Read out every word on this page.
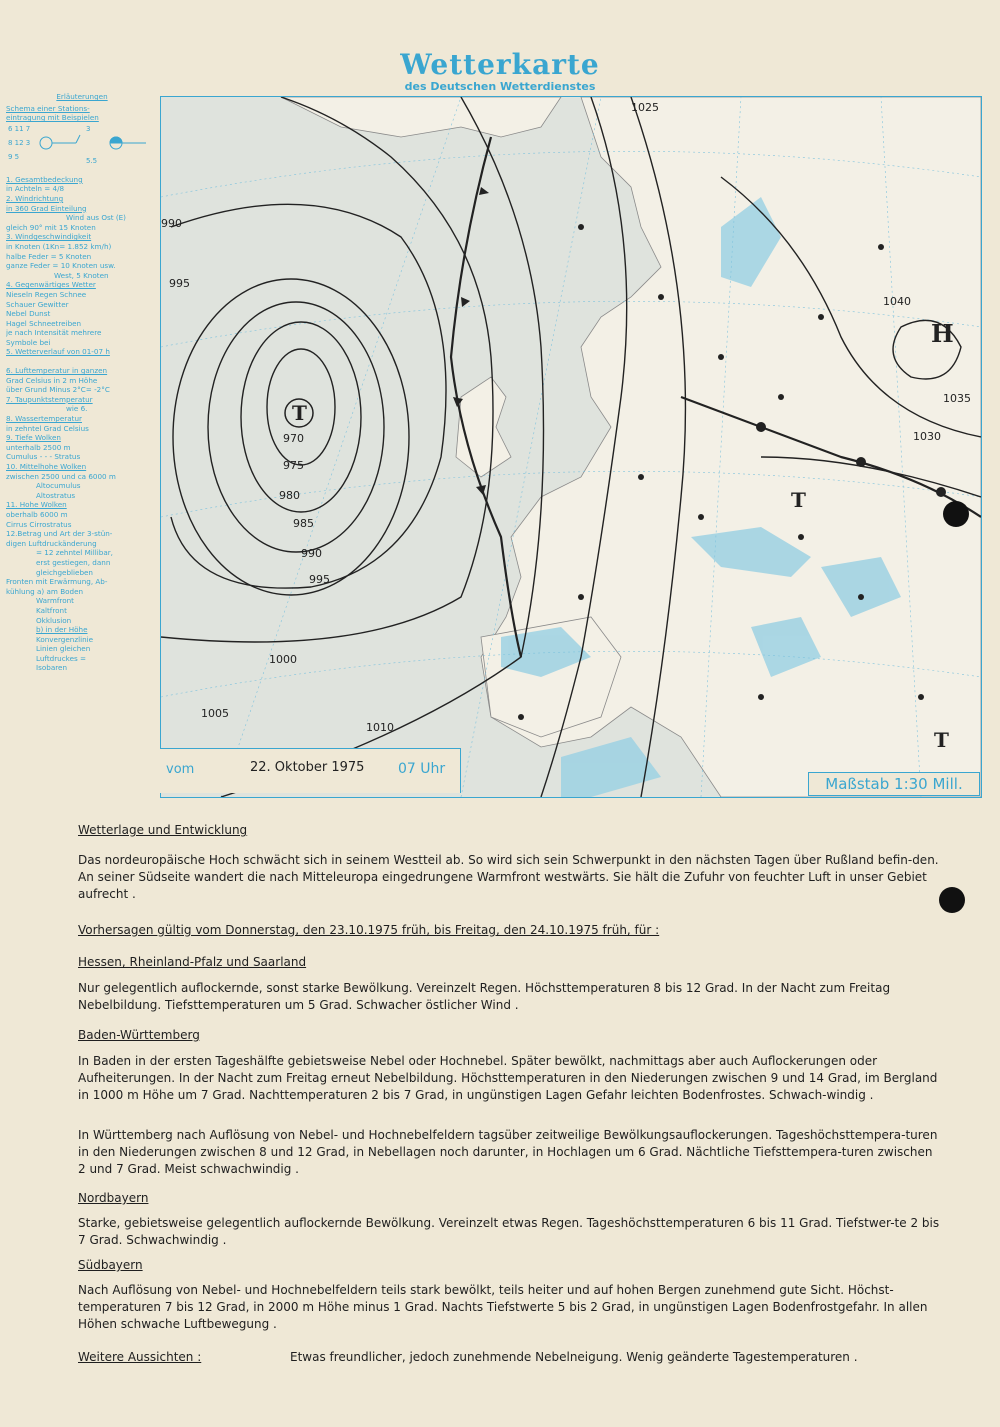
Wetterkarte
des Deutschen Wetterdienstes
Erläuterungen
Schema einer Stations-
eintragung mit Beispielen
6 11 7
8 12 3
9 5
3
5.5
1. Gesamtbedeckung
in Achteln = 4/8
2. Windrichtung
in 360 Grad Einteilung
Wind aus Ost (E)
gleich 90° mit 15 Knoten
3. Windgeschwindigkeit
in Knoten (1Kn= 1.852 km/h)
halbe Feder = 5 Knoten
ganze Feder = 10 Knoten usw.
West, 5 Knoten
4. Gegenwärtiges Wetter
Nieseln Regen Schnee
Schauer Gewitter
Nebel Dunst
Hagel Schneetreiben
je nach Intensität mehrere
Symbole bei
5. Wetterverlauf von 01-07 h
6. Lufttemperatur in ganzen
Grad Celsius in 2 m Höhe
über Grund Minus 2°C= -2°C
7. Taupunktstemperatur
wie 6.
8. Wassertemperatur
in zehntel Grad Celsius
9. Tiefe Wolken
unterhalb 2500 m
Cumulus - - - Stratus
10. Mittelhohe Wolken
zwischen 2500 und ca 6000 m
Altocumulus
Altostratus
11. Hohe Wolken
oberhalb 6000 m
Cirrus Cirrostratus
12.Betrag und Art der 3-stün-
digen Luftdruckänderung
= 12 zehntel Millibar,
erst gestiegen, dann
gleichgeblieben
Fronten mit Erwärmung, Ab-
kühlung a) am Boden
Warmfront
Kaltfront
Okklusion
b) in der Höhe
Konvergenzlinie
Linien gleichen
Luftdruckes =
Isobaren
T
T
T
H
970
975
980
985
990
995
1000
1005
1010
1025
1030
1035
1040
990
995
vom	22. Oktober 1975 07 Uhr
Maßstab 1:30 Mill.
Wetterlage und Entwicklung
Das nordeuropäische Hoch schwächt sich in seinem Westteil ab. So wird sich sein Schwerpunkt in den nächsten Tagen über Rußland befin-den. An seiner Südseite wandert die nach Mitteleuropa eingedrungene Warmfront westwärts. Sie hält die Zufuhr von feuchter Luft in unser Gebiet aufrecht .
Vorhersagen gültig vom Donnerstag, den 23.10.1975 früh, bis Freitag, den 24.10.1975 früh, für :
Hessen, Rheinland-Pfalz und Saarland
Nur gelegentlich auflockernde, sonst starke Bewölkung. Vereinzelt Regen. Höchsttemperaturen 8 bis 12 Grad. In der Nacht zum Freitag Nebelbildung. Tiefsttemperaturen um 5 Grad. Schwacher östlicher Wind .
Baden-Württemberg
In Baden in der ersten Tageshälfte gebietsweise Nebel oder Hochnebel. Später bewölkt, nachmittags aber auch Auflockerungen oder Aufheiterungen. In der Nacht zum Freitag erneut Nebelbildung. Höchsttemperaturen in den Niederungen zwischen 9 und 14 Grad, im Bergland in 1000 m Höhe um 7 Grad. Nachttemperaturen 2 bis 7 Grad, in ungünstigen Lagen Gefahr leichten Bodenfrostes. Schwach-windig .
In Württemberg nach Auflösung von Nebel- und Hochnebelfeldern tagsüber zeitweilige Bewölkungsauflockerungen. Tageshöchsttempera-turen in den Niederungen zwischen 8 und 12 Grad, in Nebellagen noch darunter, in Hochlagen um 6 Grad. Nächtliche Tiefsttempera-turen zwischen 2 und 7 Grad. Meist schwachwindig .
Nordbayern
Starke, gebietsweise gelegentlich auflockernde Bewölkung. Vereinzelt etwas Regen. Tageshöchsttemperaturen 6 bis 11 Grad. Tiefstwer-te 2 bis 7 Grad. Schwachwindig .
Südbayern
Nach Auflösung von Nebel- und Hochnebelfeldern teils stark bewölkt, teils heiter und auf hohen Bergen zunehmend gute Sicht. Höchst-temperaturen 7 bis 12 Grad, in 2000 m Höhe minus 1 Grad. Nachts Tiefstwerte 5 bis 2 Grad, in ungünstigen Lagen Bodenfrostgefahr. In allen Höhen schwache Luftbewegung .
Weitere Aussichten :	Etwas freundlicher, jedoch zunehmende Nebelneigung. Wenig geänderte Tagestemperaturen .
